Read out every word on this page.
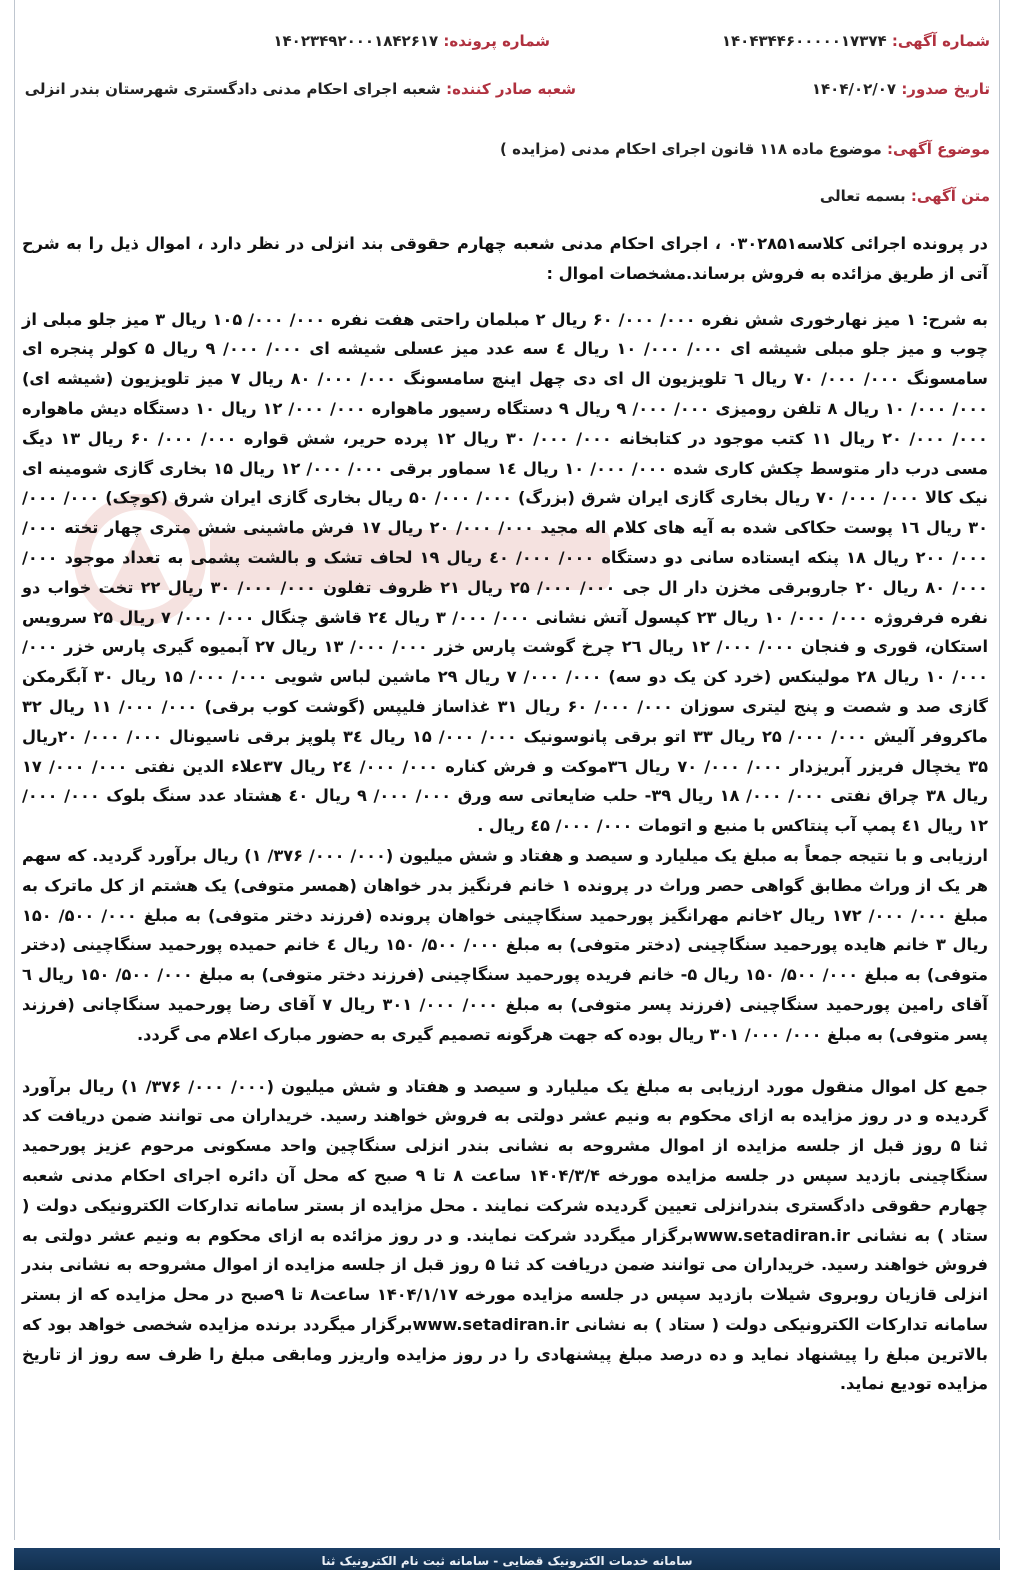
شماره آگهی: ۱۴۰۴۳۴۴۶۰۰۰۰۰۱۷۳۷۴
شماره پرونده: ۱۴۰۲۳۴۹۲۰۰۰۱۸۴۲۶۱۷
تاریخ صدور: ۱۴۰۴/۰۲/۰۷
شعبه صادر کننده: شعبه اجرای احکام مدنی دادگستری شهرستان بندر انزلی
موضوع آگهی: موضوع ماده ۱۱۸ قانون اجرای احکام مدنی (مزایده )
متن آگهی: بسمه تعالی

در پرونده اجرائی کلاسه۰۳۰۲۸۵۱ ، اجرای احکام مدنی شعبه چهارم حقوقی بند انزلی در نظر دارد ، اموال ذیل را به شرح آتی از طریق مزائده به فروش برساند.مشخصات اموال :

به شرح: ۱ میز نهارخوری شش نفره ۰۰۰/ ۰۰۰/ ۶۰ ریال ۲ مبلمان راحتی هفت نفره ۰۰۰/ ۰۰۰/ ۱۰۵ ریال ۳ میز جلو مبلی از چوب و میز جلو مبلی شیشه ای ۰۰۰/ ۰۰۰/ ۱۰ ریال ٤ سه عدد میز عسلی شیشه ای ۰۰۰/ ۰۰۰/ ۹ ریال ۵ کولر پنجره ای سامسونگ ۰۰۰/ ۰۰۰/ ۷۰ ریال ٦ تلویزیون ال ای دی چهل اینچ سامسونگ ۰۰۰/ ۰۰۰/ ۸۰ ریال ۷ میز تلویزیون (شیشه ای) ۰۰۰/ ۰۰۰/ ۱۰ ریال ۸ تلفن رومیزی ۰۰۰/ ۰۰۰/ ۹ ریال ۹ دستگاه رسیور ماهواره ۰۰۰/ ۰۰۰/ ۱۲ ریال ۱۰ دستگاه دیش ماهواره ۰۰۰/ ۰۰۰/ ۲۰ ریال ۱۱ کتب موجود در کتابخانه ۰۰۰/ ۰۰۰/ ۳۰ ریال ۱۲ پرده حریر، شش قواره ۰۰۰/ ۰۰۰/ ۶۰ ریال ۱۳ دیگ مسی درب دار متوسط چکش کاری شده ۰۰۰/ ۰۰۰/ ۱۰ ریال ۱٤ سماور برقی ۰۰۰/ ۰۰۰/ ۱۲ ریال ۱۵ بخاری گازی شومینه ای نیک کالا ۰۰۰/ ۰۰۰/ ۷۰ ریال بخاری گازی ایران شرق (بزرگ) ۰۰۰/ ۰۰۰/ ۵۰ ریال بخاری گازی ایران شرق (کوچک) ۰۰۰/ ۰۰۰/ ۳۰ ریال ۱٦ پوست حکاکی شده به آیه های کلام اله مجید ۰۰۰/ ۰۰۰/ ۲۰ ریال ۱۷ فرش ماشینی شش متری چهار تخته ۰۰۰/ ۰۰۰/ ۲۰۰ ریال ۱۸ پنکه ایستاده سانی دو دستگاه ۰۰۰/ ۰۰۰/ ٤۰ ریال ۱۹ لحاف تشک و بالشت پشمی به تعداد موجود ۰۰۰/ ۰۰۰/ ۸۰ ریال ۲۰ جاروبرقی مخزن دار ال جی ۰۰۰/ ۰۰۰/ ۲۵ ریال ۲۱ ظروف تفلون ۰۰۰/ ۰۰۰/ ۳۰ ریال ۲۲ تخت خواب دو نفره فرفروژه ۰۰۰/ ۰۰۰/ ۱۰ ریال ۲۳ کپسول آتش نشانی ۰۰۰/ ۰۰۰/ ۳ ریال ۲٤ قاشق چنگال ۰۰۰/ ۰۰۰/ ۷ ریال ۲۵ سرویس استکان، قوری و فنجان ۰۰۰/ ۰۰۰/ ۱۲ ریال ۲٦ چرخ گوشت پارس خزر ۰۰۰/ ۰۰۰/ ۱۳ ریال ۲۷ آبمیوه گیری پارس خزر ۰۰۰/ ۰۰۰/ ۱۰ ریال ۲۸ مولینکس (خرد کن یک دو سه) ۰۰۰/ ۰۰۰/ ۷ ریال ۲۹ ماشین لباس شویی ۰۰۰/ ۰۰۰/ ۱۵ ریال ۳۰ آبگرمکن گازی صد و شصت و پنج لیتری سوزان ۰۰۰/ ۰۰۰/ ۶۰ ریال ۳۱ غذاساز فلیپس (گوشت کوب برقی) ۰۰۰/ ۰۰۰/ ۱۱ ریال ۳۲ ماکروفر آلیش ۰۰۰/ ۰۰۰/ ۲۵ ریال ۳۳ اتو برقی پانوسونیک ۰۰۰/ ۰۰۰/ ۱۵ ریال ۳٤ پلوپز برقی ناسیونال ۰۰۰/ ۰۰۰/ ۲۰ریال ۳۵ یخچال فریزر آبریزدار ۰۰۰/ ۰۰۰/ ۷۰ ریال ۳٦موکت و فرش کناره ۰۰۰/ ۰۰۰/ ۲٤ ریال ۳۷علاء الدین نفتی ۰۰۰/ ۰۰۰/ ۱۷ ریال ۳۸ چراق نفتی ۰۰۰/ ۰۰۰/ ۱۸ ریال ۳۹- حلب ضایعاتی سه ورق ۰۰۰/ ۰۰۰/ ۹ ریال ٤۰ هشتاد عدد سنگ بلوک ۰۰۰/ ۰۰۰/ ۱۲ ریال ٤۱ پمپ آب پنتاکس با منبع و اتومات ۰۰۰/ ۰۰۰/ ٤۵ ریال .

ارزیابی و با نتیجه جمعاً به مبلغ یک میلیارد و سیصد و هفتاد و شش میلیون (۰۰۰/ ۰۰۰/ ۳۷۶/ ۱) ریال برآورد گردید. که سهم هر یک از وراث مطابق گواهی حصر وراث در پرونده ۱ خانم فرنگیز بدر خواهان (همسر متوفی) یک هشتم از کل ماترک به مبلغ ۰۰۰/ ۰۰۰/ ۱۷۲ ریال ۲خانم مهرانگیز پورحمید سنگاچینی خواهان پرونده (فرزند دختر متوفی) به مبلغ ۰۰۰/ ۵۰۰/ ۱۵۰ ریال ۳ خانم هایده پورحمید سنگاچینی (دختر متوفی) به مبلغ ۰۰۰/ ۵۰۰/ ۱۵۰ ریال ٤ خانم حمیده پورحمید سنگاچینی (دختر متوفی) به مبلغ ۰۰۰/ ۵۰۰/ ۱۵۰ ریال ۵- خانم فریده پورحمید سنگاچینی (فرزند دختر متوفی) به مبلغ ۰۰۰/ ۵۰۰/ ۱۵۰ ریال ٦ آقای رامین پورحمید سنگاچینی (فرزند پسر متوفی) به مبلغ ۰۰۰/ ۰۰۰/ ۳۰۱ ریال ۷ آقای رضا پورحمید سنگاچانی (فرزند پسر متوفی) به مبلغ ۰۰۰/ ۰۰۰/ ۳۰۱ ریال بوده که جهت هرگونه تصمیم گیری به حضور مبارک اعلام می گردد.

جمع کل اموال منقول مورد ارزیابی به مبلغ یک میلیارد و سیصد و هفتاد و شش میلیون (۰۰۰/ ۰۰۰/ ۳۷۶/ ۱) ریال برآورد گردیده و در روز مزایده به ازای محکوم به ونیم عشر دولتی به فروش خواهند رسید. خریداران می توانند ضمن دریافت کد ثنا ۵ روز قبل از جلسه مزایده از اموال مشروحه به نشانی بندر انزلی سنگاچین واحد مسکونی مرحوم عزیز پورحمید سنگاچینی بازدید سپس در جلسه مزایده مورخه ۱۴۰۴/۳/۴ ساعت ۸ تا ۹ صبح که محل آن دائره اجرای احکام مدنی شعبه چهارم حقوقی دادگستری بندرانزلی تعیین گردیده شرکت نمایند . محل مزایده از بستر سامانه تدارکات الکترونیکی دولت ( ستاد ) به نشانی www.setadiran.irبرگزار میگردد شرکت نمایند. و در روز مزائده به ازای محکوم به ونیم عشر دولتی به فروش خواهند رسید. خریداران می توانند ضمن دریافت کد ثنا ۵ روز قبل از جلسه مزایده از اموال مشروحه به نشانی بندر انزلی قازیان روبروی شیلات بازدید سپس در جلسه مزایده مورخه ۱۴۰۴/۱/۱۷ ساعت۸ تا ۹صبح در محل مزایده که از بستر سامانه تدارکات الکترونیکی دولت ( ستاد ) به نشانی www.setadiran.irبرگزار میگردد برنده مزایده شخصی خواهد بود که بالاترین مبلغ را پیشنهاد نماید و ده درصد مبلغ پیشنهادی را در روز مزایده واریزر ومابقی مبلغ را ظرف سه روز از تاریخ مزایده تودیع نماید.

سامانه خدمات الکترونیک قضایی - سامانه ثبت نام الکترونیک ثنا
